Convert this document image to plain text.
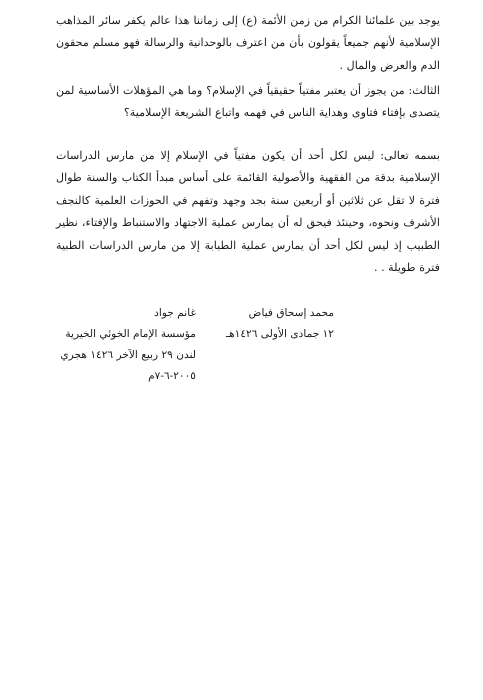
يوجد بين علمائنا الكرام من زمن الأئمة (ع) إلى زماننا هذا عالم يكفر سائر المذاهب الإسلامية لأنهم جميعاً يقولون بأن من اعترف بالوحدانية والرسالة فهو مسلم محقون الدم والعرض والمال .

الثالث: من يجوز أن يعتبر مفتياً حقيقياً في الإسلام؟ وما هي المؤهلات الأساسية لمن يتصدى بإفتاء فتاوى وهداية الناس في فهمه واتباع الشريعة الإسلامية؟

بسمه تعالى: ليس لكل أحد أن يكون مفتياً في الإسلام إلا من مارس الدراسات الإسلامية بدقة من الفقهية والأصولية القائمة على أساس مبدأ الكتاب والسنة طوال فترة لا تقل عن ثلاثين أو أربعين سنة بجد وجهد وتفهم في الحوزات العلمية كالنجف الأشرف ونحوه، وحينئذ فيحق له أن يمارس عملية الاجتهاد والاستنباط والإفتاء، نظير الطبيب إذ ليس لكل أحد أن يمارس عملية الطبابة إلا من مارس الدراسات الطبية فترة طويلة . .

محمد إسحاق فياض
١٢ جمادى الأولى ١٤٢٦هـ
غانم جواد
مؤسسة الإمام الخوئي الخيرية
لندن ٢٩ ربيع الآخر ١٤٢٦ هجري
٢٠٠٥-٦-٧م
